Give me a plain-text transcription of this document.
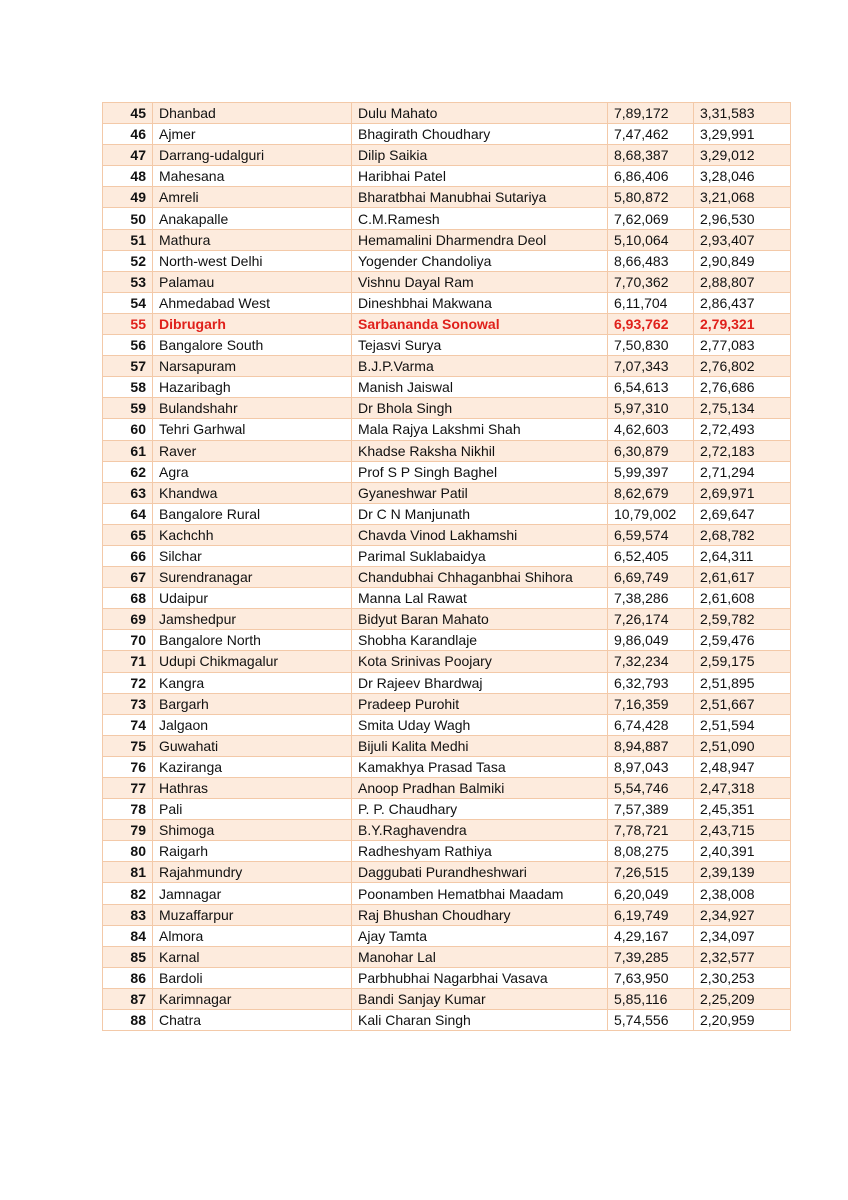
45	Dhanbad	Dulu Mahato	7,89,172	3,31,583
46	Ajmer	Bhagirath Choudhary	7,47,462	3,29,991
47	Darrang-udalguri	Dilip Saikia	8,68,387	3,29,012
48	Mahesana	Haribhai Patel	6,86,406	3,28,046
49	Amreli	Bharatbhai Manubhai Sutariya	5,80,872	3,21,068
50	Anakapalle	C.M.Ramesh	7,62,069	2,96,530
51	Mathura	Hemamalini Dharmendra Deol	5,10,064	2,93,407
52	North-west Delhi	Yogender Chandoliya	8,66,483	2,90,849
53	Palamau	Vishnu Dayal Ram	7,70,362	2,88,807
54	Ahmedabad West	Dineshbhai Makwana	6,11,704	2,86,437
55	Dibrugarh	Sarbananda Sonowal	6,93,762	2,79,321
56	Bangalore South	Tejasvi Surya	7,50,830	2,77,083
57	Narsapuram	B.J.P.Varma	7,07,343	2,76,802
58	Hazaribagh	Manish Jaiswal	6,54,613	2,76,686
59	Bulandshahr	Dr Bhola Singh	5,97,310	2,75,134
60	Tehri Garhwal	Mala Rajya Lakshmi Shah	4,62,603	2,72,493
61	Raver	Khadse Raksha Nikhil	6,30,879	2,72,183
62	Agra	Prof S P Singh Baghel	5,99,397	2,71,294
63	Khandwa	Gyaneshwar Patil	8,62,679	2,69,971
64	Bangalore Rural	Dr C N Manjunath	10,79,002	2,69,647
65	Kachchh	Chavda Vinod Lakhamshi	6,59,574	2,68,782
66	Silchar	Parimal Suklabaidya	6,52,405	2,64,311
67	Surendranagar	Chandubhai Chhaganbhai Shihora	6,69,749	2,61,617
68	Udaipur	Manna Lal Rawat	7,38,286	2,61,608
69	Jamshedpur	Bidyut Baran Mahato	7,26,174	2,59,782
70	Bangalore North	Shobha Karandlaje	9,86,049	2,59,476
71	Udupi Chikmagalur	Kota Srinivas Poojary	7,32,234	2,59,175
72	Kangra	Dr Rajeev Bhardwaj	6,32,793	2,51,895
73	Bargarh	Pradeep Purohit	7,16,359	2,51,667
74	Jalgaon	Smita Uday Wagh	6,74,428	2,51,594
75	Guwahati	Bijuli Kalita Medhi	8,94,887	2,51,090
76	Kaziranga	Kamakhya Prasad Tasa	8,97,043	2,48,947
77	Hathras	Anoop Pradhan Balmiki	5,54,746	2,47,318
78	Pali	P. P. Chaudhary	7,57,389	2,45,351
79	Shimoga	B.Y.Raghavendra	7,78,721	2,43,715
80	Raigarh	Radheshyam Rathiya	8,08,275	2,40,391
81	Rajahmundry	Daggubati Purandheshwari	7,26,515	2,39,139
82	Jamnagar	Poonamben Hematbhai Maadam	6,20,049	2,38,008
83	Muzaffarpur	Raj Bhushan Choudhary	6,19,749	2,34,927
84	Almora	Ajay Tamta	4,29,167	2,34,097
85	Karnal	Manohar Lal	7,39,285	2,32,577
86	Bardoli	Parbhubhai Nagarbhai Vasava	7,63,950	2,30,253
87	Karimnagar	Bandi Sanjay Kumar	5,85,116	2,25,209
88	Chatra	Kali Charan Singh	5,74,556	2,20,959
